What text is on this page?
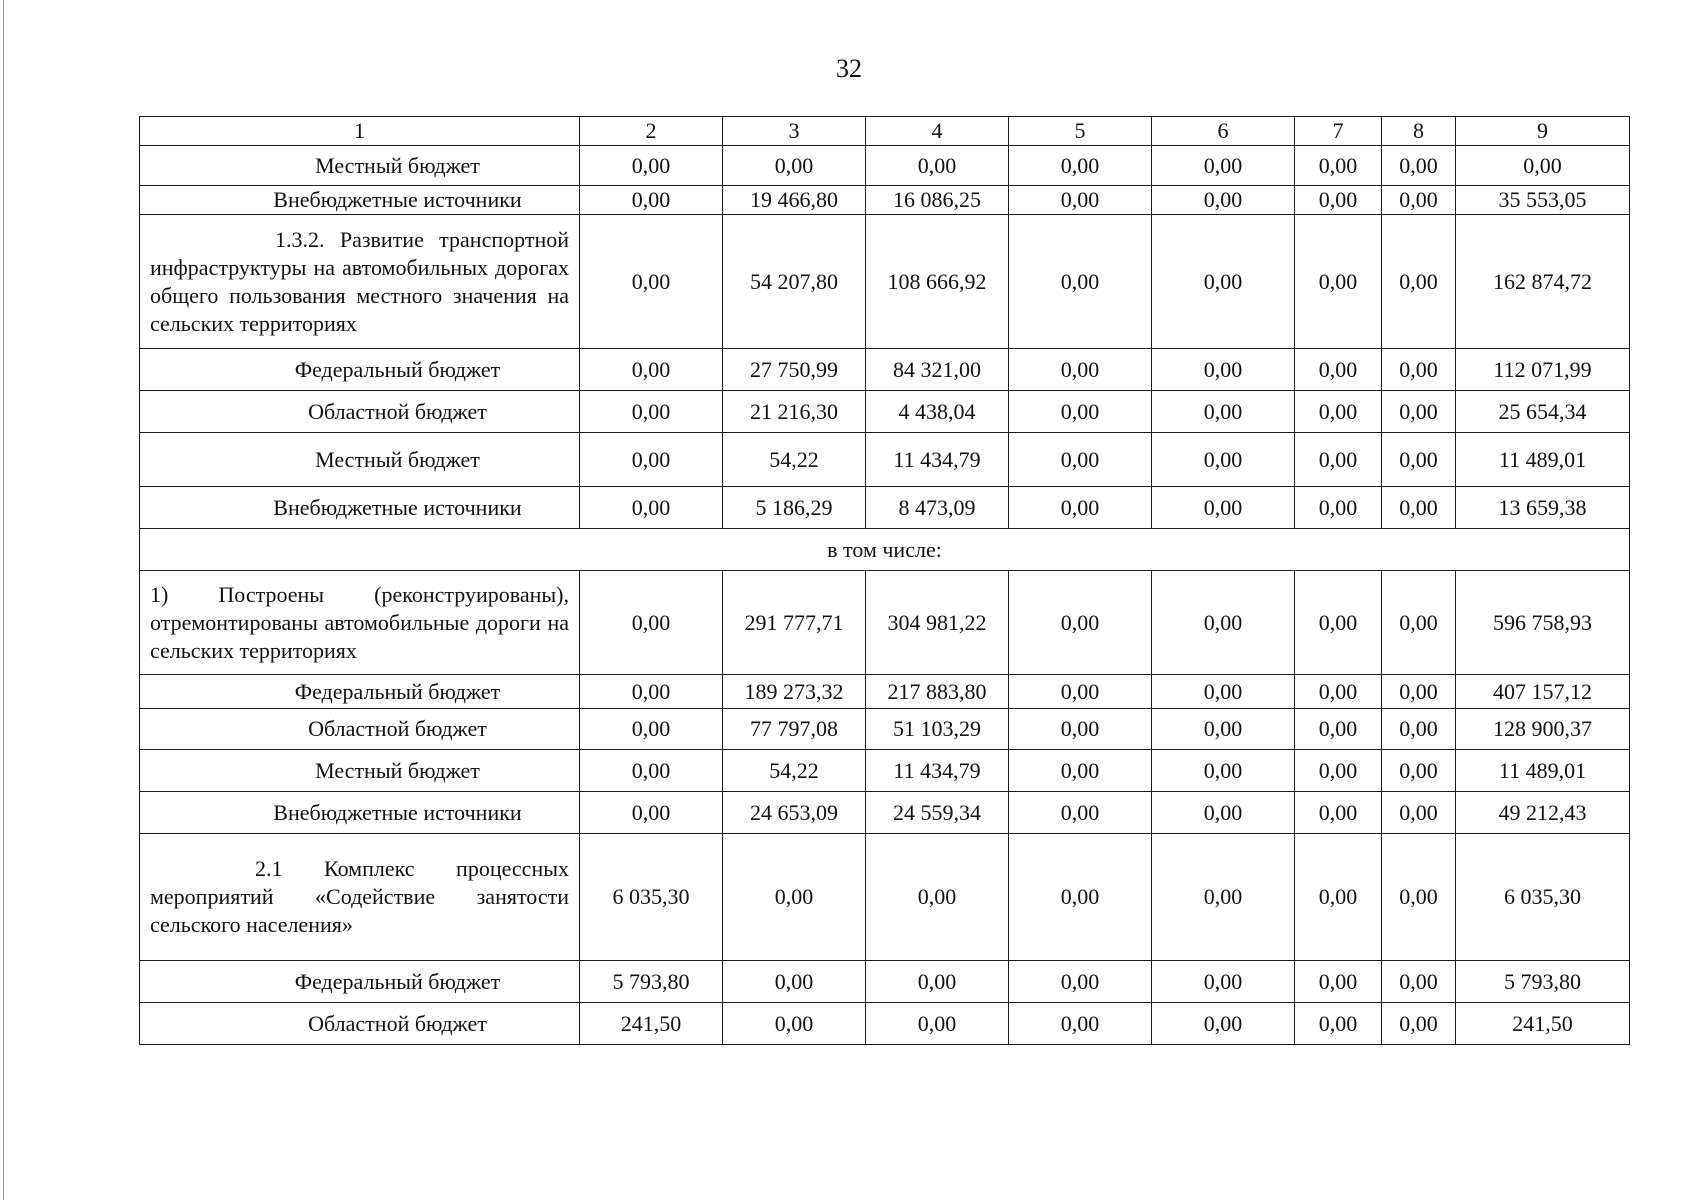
32
1	2	3	4	5	6	7	8	9
Местный бюджет	0,00	0,00	0,00	0,00	0,00	0,00	0,00	0,00
Внебюджетные источники	0,00	19 466,80	16 086,25	0,00	0,00	0,00	0,00	35 553,05
1.3.2. Развитие транспортной инфраструктуры на автомобильных дорогах общего пользования местного значения на сельских территориях	0,00	54 207,80	108 666,92	0,00	0,00	0,00	0,00	162 874,72
Федеральный бюджет	0,00	27 750,99	84 321,00	0,00	0,00	0,00	0,00	112 071,99
Областной бюджет	0,00	21 216,30	4 438,04	0,00	0,00	0,00	0,00	25 654,34
Местный бюджет	0,00	54,22	11 434,79	0,00	0,00	0,00	0,00	11 489,01
Внебюджетные источники	0,00	5 186,29	8 473,09	0,00	0,00	0,00	0,00	13 659,38
в том числе:								
1) Построены (реконструированы), отремонтированы автомобильные дороги на сельских территориях	0,00	291 777,71	304 981,22	0,00	0,00	0,00	0,00	596 758,93
Федеральный бюджет	0,00	189 273,32	217 883,80	0,00	0,00	0,00	0,00	407 157,12
Областной бюджет	0,00	77 797,08	51 103,29	0,00	0,00	0,00	0,00	128 900,37
Местный бюджет	0,00	54,22	11 434,79	0,00	0,00	0,00	0,00	11 489,01
Внебюджетные источники	0,00	24 653,09	24 559,34	0,00	0,00	0,00	0,00	49 212,43
2.1 Комплекс процессных мероприятий «Содействие занятости сельского населения»	6 035,30	0,00	0,00	0,00	0,00	0,00	0,00	6 035,30
Федеральный бюджет	5 793,80	0,00	0,00	0,00	0,00	0,00	0,00	5 793,80
Областной бюджет	241,50	0,00	0,00	0,00	0,00	0,00	0,00	241,50
